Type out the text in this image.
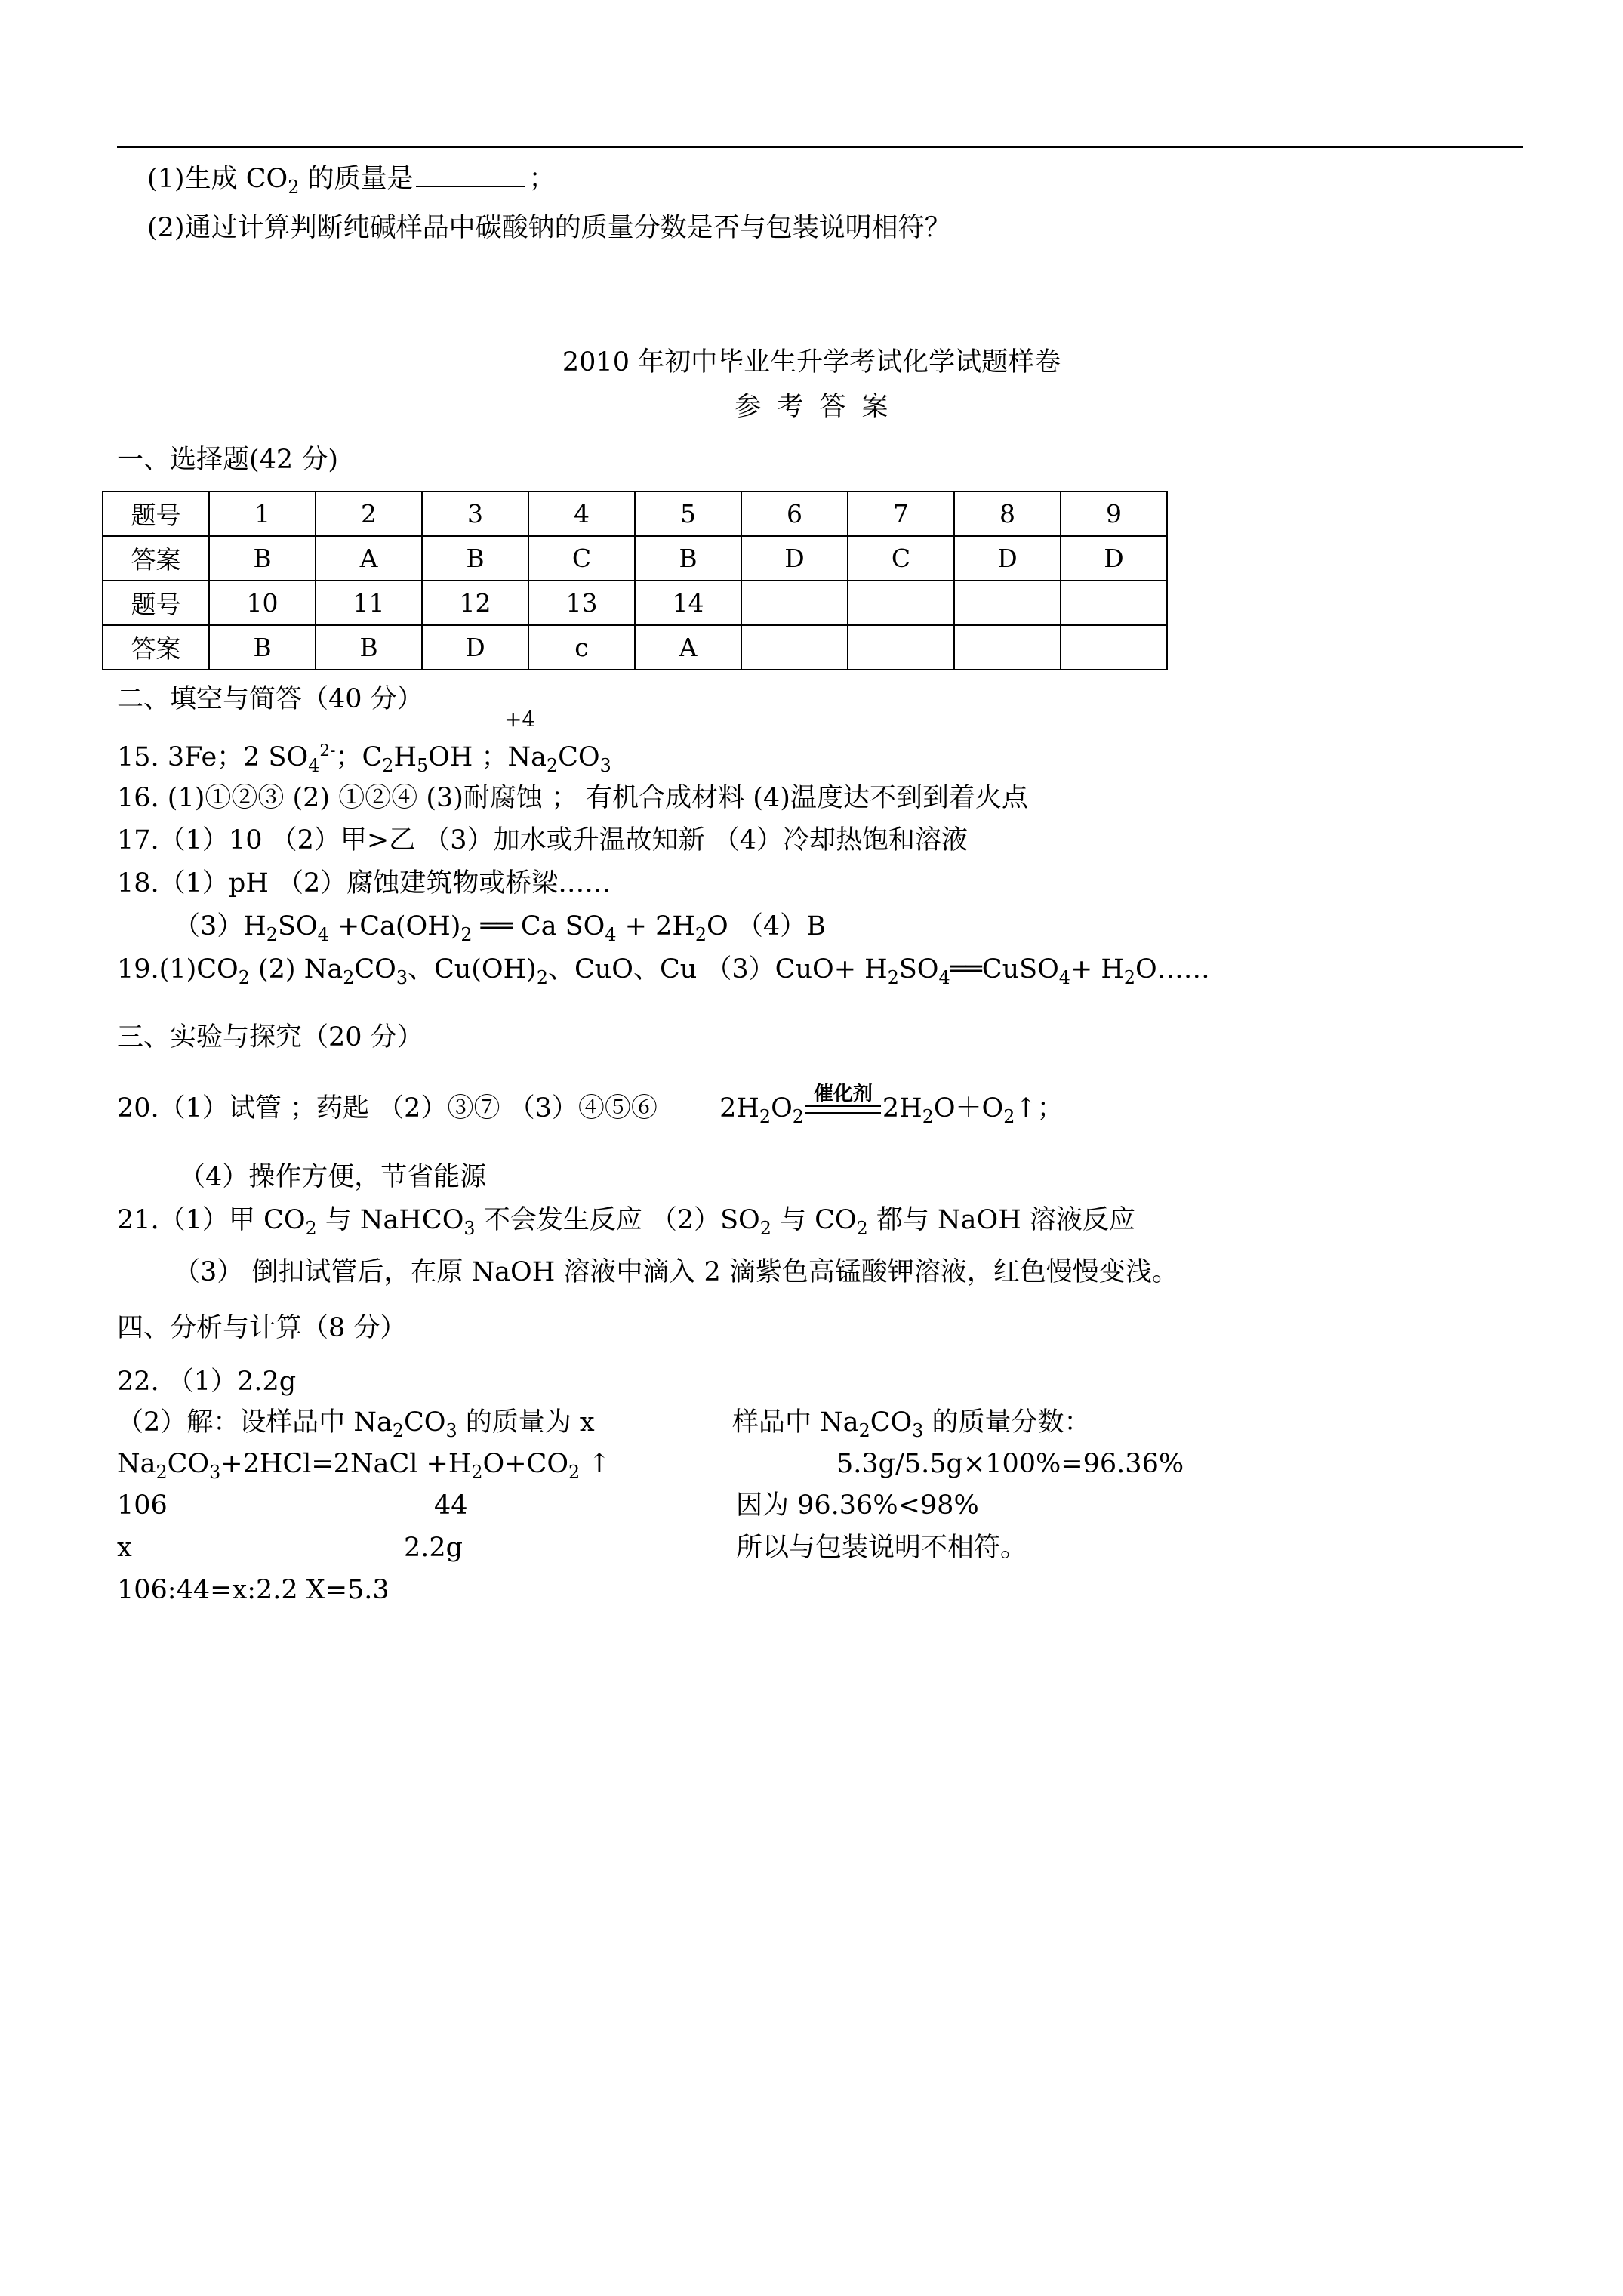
(1)生成 $CO_2$ 的质量是	；
(2)通过计算判断纯碱样品中碳酸钠的质量分数是否与包装说明相符？
2010 年初中毕业生升学考试化学试题样卷
参 考 答 案
一、选择题(42 分)
题号	1	2	3	4	5	6	7	8	9
答案	B	A	B	C	B	D	C	D	D
题号	10	11	12	13	14				
答案	B	B	D	c	A				
二、填空与简答（40 分）
+4
15. 3Fe；2 $SO_4^{2-}$；$C_2H_5OH$ ；$Na_2CO_3$
16. (1)①②③ (2) ①②④ (3)耐腐蚀 ； 有机合成材料 (4)温度达不到到着火点
17.（1）10 （2）甲>乙 （3）加水或升温故知新 （4）冷却热饱和溶液
18.（1）pH （2）腐蚀建筑物或桥梁……
$(3)H_2SO_4 +Ca(OH)_2$ ══ Ca $SO_4 + 2H_2O$ （4）B
$19.(1)CO_2$ (2) $Na_2CO_3$、$Cu(OH)_2$、CuO、Cu $(3)CuO+ H_2SO_4══CuSO_4+$ $H_2O\dots\dots$
三、实验与探究（20 分）
20.（1）试管 ；药匙 （2）③⑦ （3）④⑤⑥ $2H_2O_2$
催化剂 $2H_2O+O_2↑$；
（4）操作方便，节省能源
21.（1）甲 $CO_2$ 与 NaHCO$_3$ 不会发生反应 $(2)SO_2$ 与 $CO_2$ 都与 NaOH 溶液反应
（3） 倒扣试管后，在原 NaOH 溶液中滴入 2 滴紫色高锰酸钾溶液，红色慢慢变浅。
四、分析与计算（8 分）
22. （1）2.2g
（2）解：设样品中 $Na_2CO_3$ 的质量为 x	样品中 $Na_2CO_3$ 的质量分数：
$Na_2CO_3+2HCl=2NaCl +H_2O+CO_2$ ↑	5.3g/5.5g×100%=96.36%
106	44	因为 96.36%<98%
x	2.2g	所以与包装说明不相符。
106:44=x:2.2 X=5.3
